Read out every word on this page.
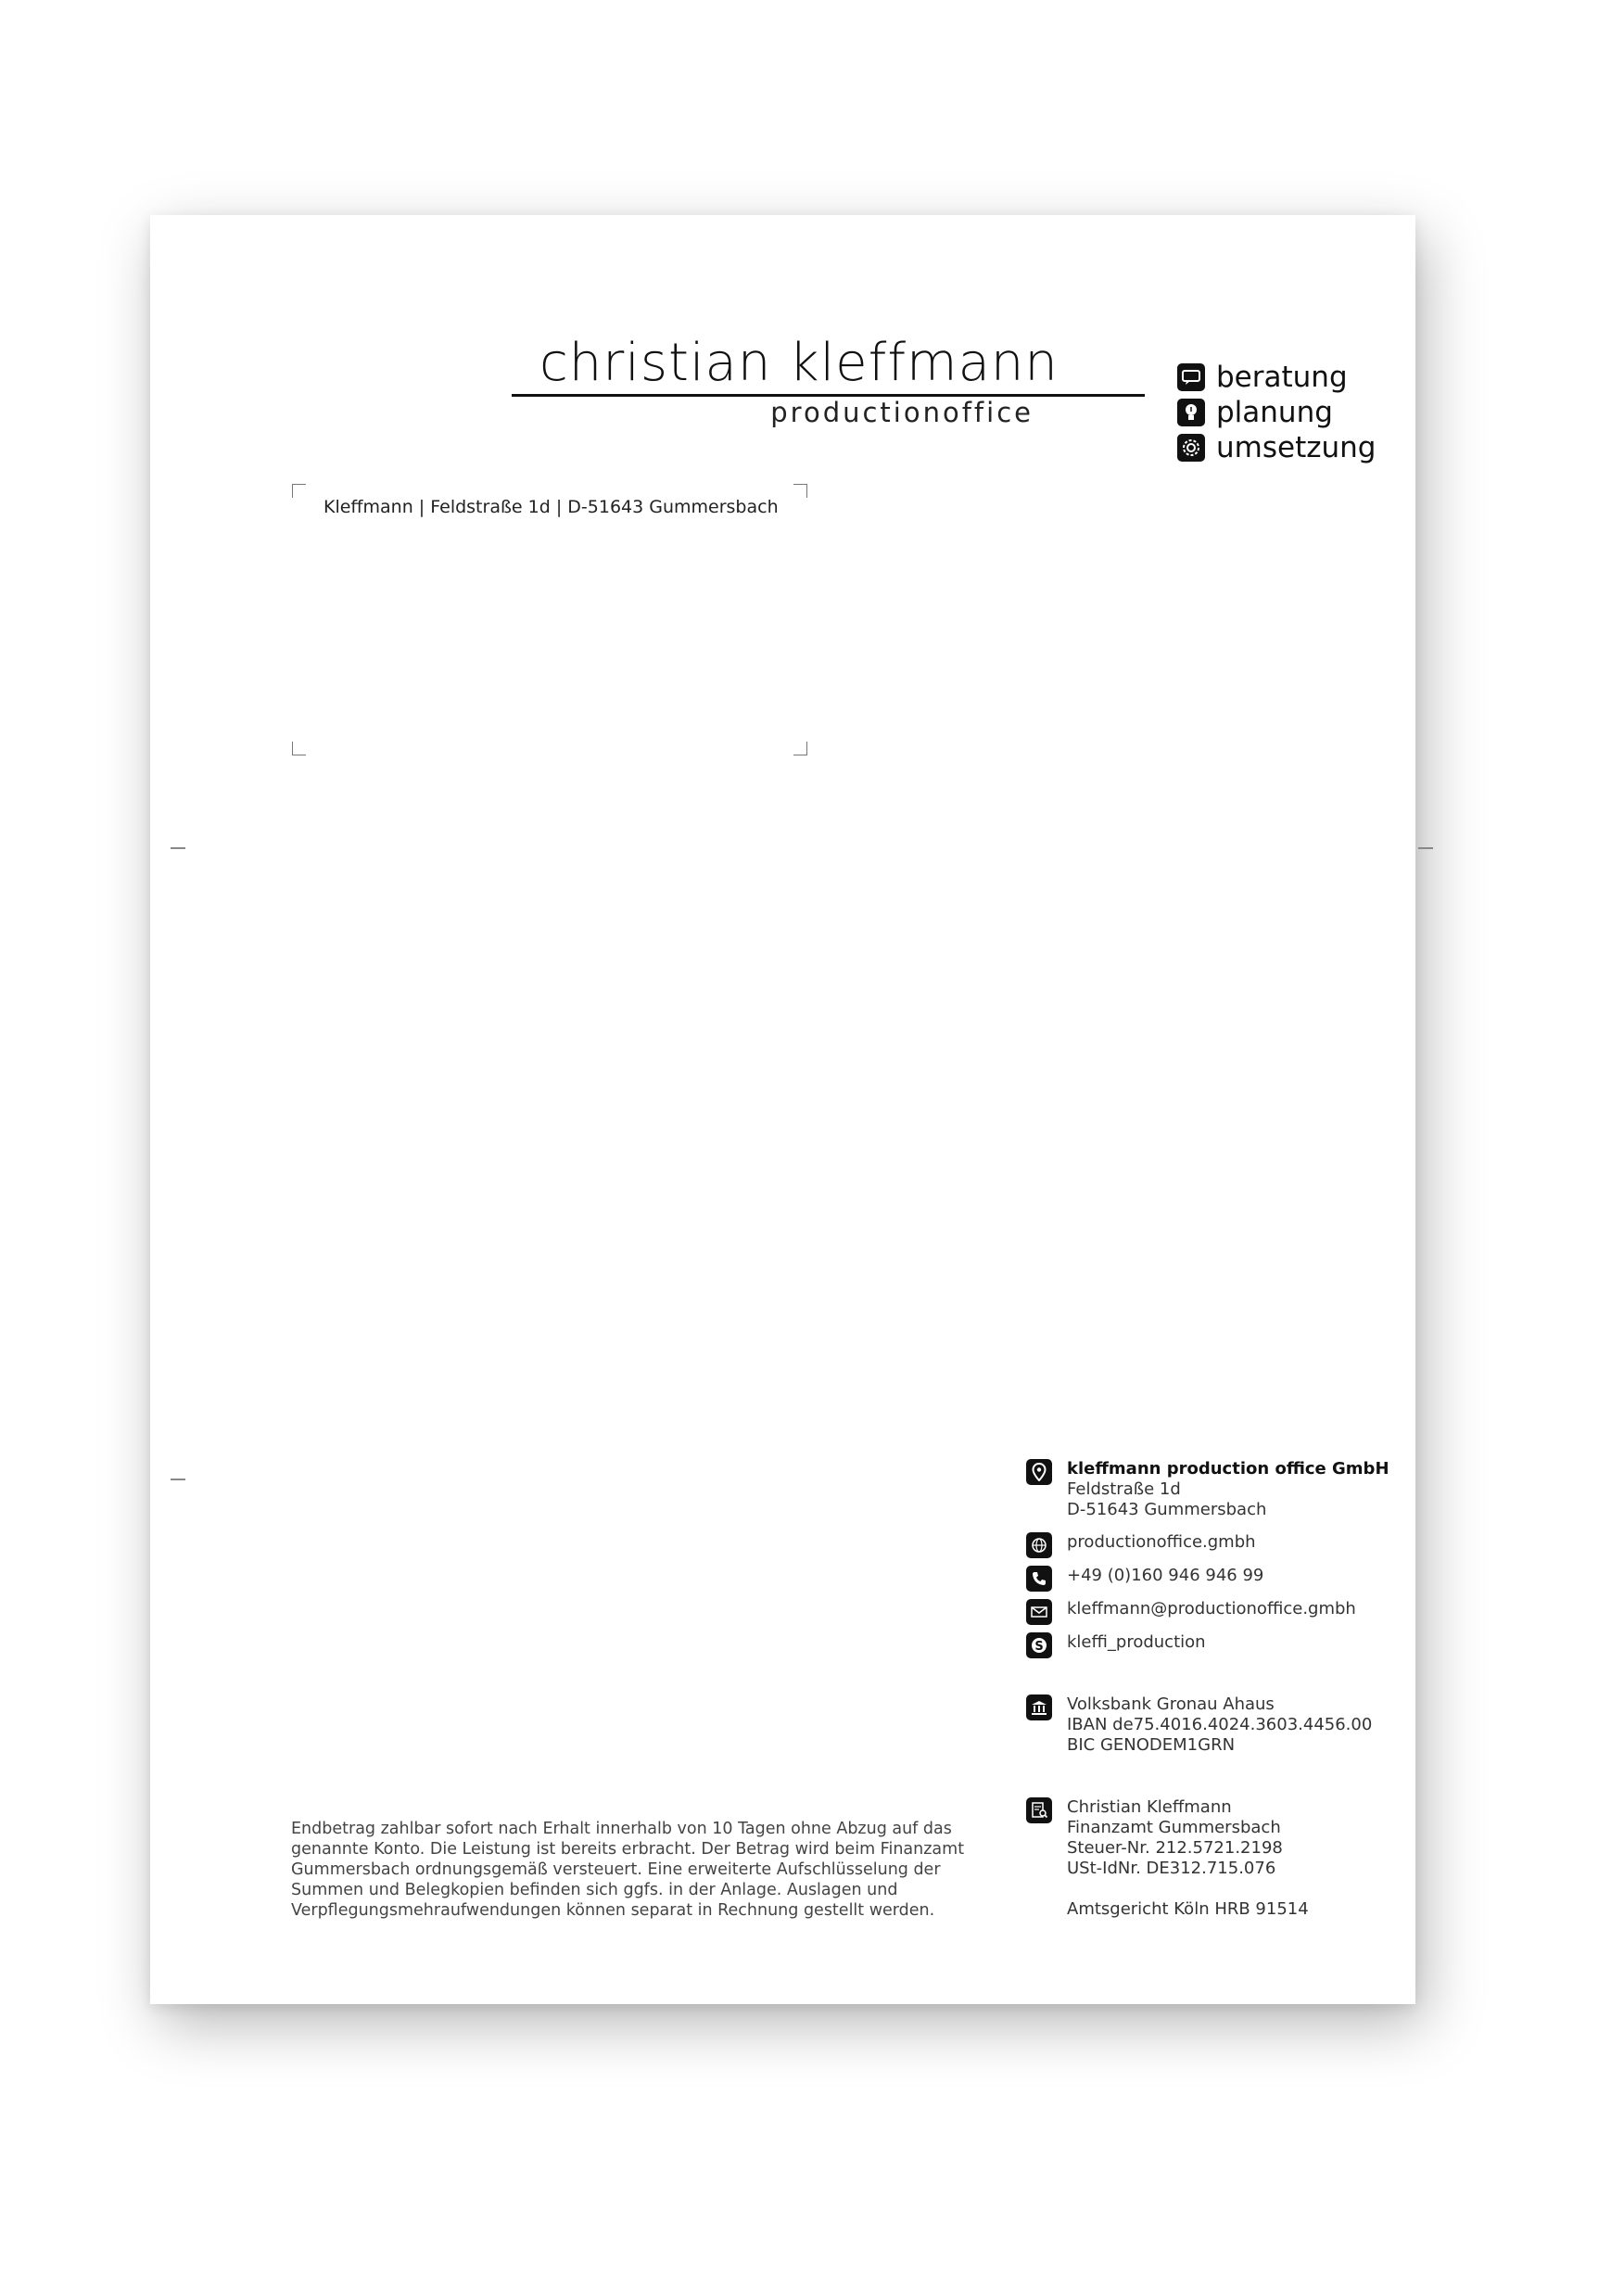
christian kleffmann
productionoffice
beratung
planung
umsetzung
Kleffmann | Feldstraße 1d | D-51643 Gummersbach
kleffmann production office GmbH
Feldstraße 1d
D-51643 Gummersbach
productionoffice.gmbh
+49 (0)160 946 946 99
kleffmann@productionoffice.gmbh
S kleffi_production
Volksbank Gronau Ahaus
IBAN de75.4016.4024.3603.4456.00
BIC GENODEM1GRN
Christian Kleffmann
Finanzamt Gummersbach
Steuer-Nr. 212.5721.2198
USt-IdNr. DE312.715.076
Amtsgericht Köln HRB 91514
Endbetrag zahlbar sofort nach Erhalt innerhalb von 10 Tagen ohne Abzug auf das
genannte Konto. Die Leistung ist bereits erbracht. Der Betrag wird beim Finanzamt
Gummersbach ordnungsgemäß versteuert. Eine erweiterte Aufschlüsselung der
Summen und Belegkopien befinden sich ggfs. in der Anlage. Auslagen und
Verpflegungsmehraufwendungen können separat in Rechnung gestellt werden.
